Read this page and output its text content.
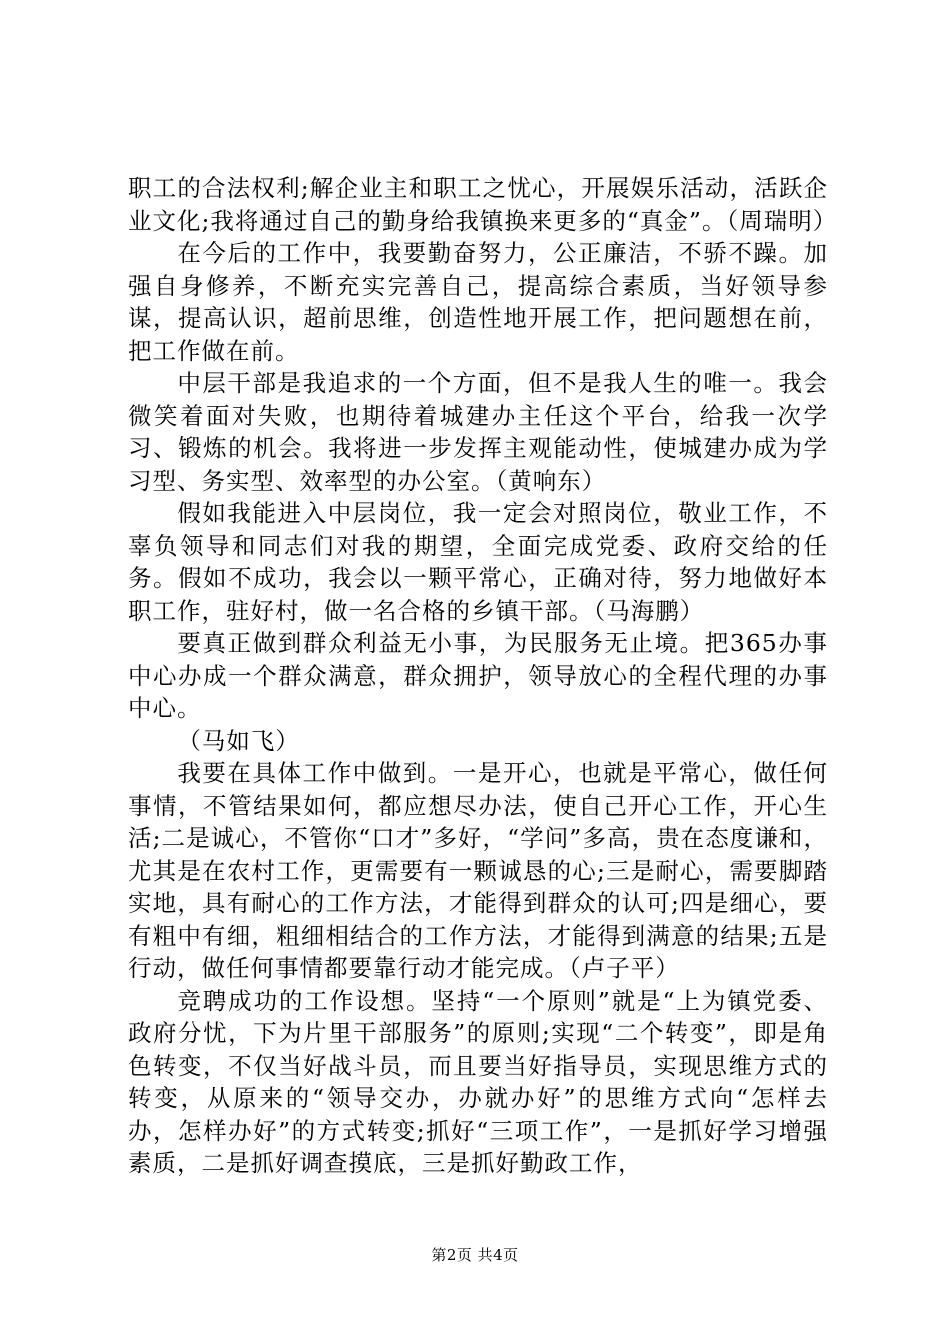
职工的合法权利;解企业主和职工之忧心，开展娱乐活动，活跃企业文化;我将通过自己的勤身给我镇换来更多的“真金”。（周瑞明）

在今后的工作中，我要勤奋努力，公正廉洁，不骄不躁。加强自身修养，不断充实完善自己，提高综合素质，当好领导参谋，提高认识，超前思维，创造性地开展工作，把问题想在前，把工作做在前。

中层干部是我追求的一个方面，但不是我人生的唯一。我会微笑着面对失败，也期待着城建办主任这个平台，给我一次学习、锻炼的机会。我将进一步发挥主观能动性，使城建办成为学习型、务实型、效率型的办公室。（黄响东）

假如我能进入中层岗位，我一定会对照岗位，敬业工作，不辜负领导和同志们对我的期望，全面完成党委、政府交给的任务。假如不成功，我会以一颗平常心，正确对待，努力地做好本职工作，驻好村，做一名合格的乡镇干部。（马海鹏）

要真正做到群众利益无小事，为民服务无止境。把365办事中心办成一个群众满意，群众拥护，领导放心的全程代理的办事中心。

（马如飞）

我要在具体工作中做到。一是开心，也就是平常心，做任何事情，不管结果如何，都应想尽办法，使自己开心工作，开心生活;二是诚心，不管你“口才”多好，“学问”多高，贵在态度谦和，尤其是在农村工作，更需要有一颗诚恳的心;三是耐心，需要脚踏实地，具有耐心的工作方法，才能得到群众的认可;四是细心，要有粗中有细，粗细相结合的工作方法，才能得到满意的结果;五是行动，做任何事情都要靠行动才能完成。（卢子平）

竞聘成功的工作设想。坚持“一个原则”就是“上为镇党委、政府分忧，下为片里干部服务”的原则;实现“二个转变”，即是角色转变，不仅当好战斗员，而且要当好指导员，实现思维方式的转变，从原来的“领导交办，办就办好”的思维方式向“怎样去办，怎样办好”的方式转变;抓好“三项工作”，一是抓好学习增强素质，二是抓好调查摸底，三是抓好勤政工作，

第2页 共4页
